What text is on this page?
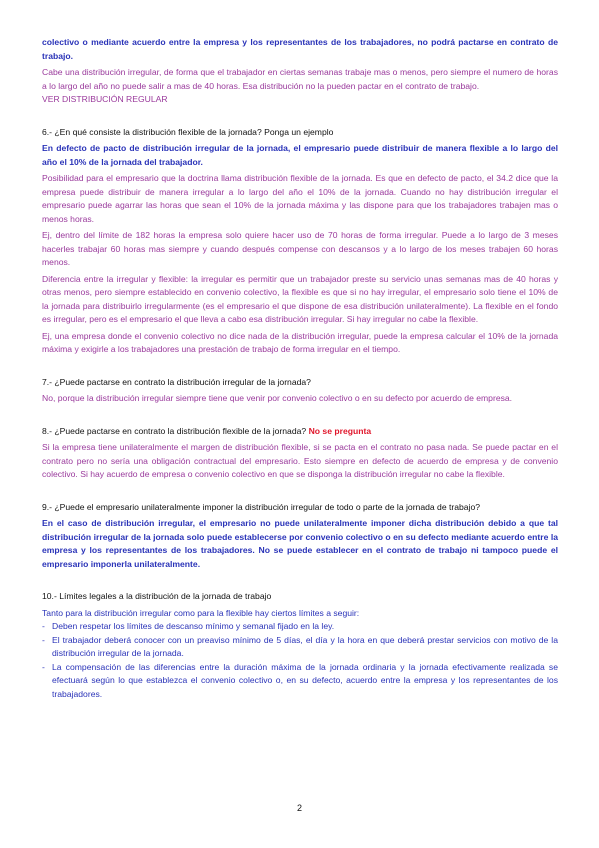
colectivo o mediante acuerdo entre la empresa y los representantes de los trabajadores, no podrá pactarse en contrato de trabajo.

Cabe una distribución irregular, de forma que el trabajador en ciertas semanas trabaje mas o menos, pero siempre el numero de horas a lo largo del año no puede salir a mas de 40 horas. Esa distribución no la pueden pactar en el contrato de trabajo.

VER DISTRIBUCIÓN REGULAR

6.- ¿En qué consiste la distribución flexible de la jornada? Ponga un ejemplo

En defecto de pacto de distribución irregular de la jornada, el empresario puede distribuir de manera flexible a lo largo del año el 10% de la jornada del trabajador.

Posibilidad para el empresario que la doctrina llama distribución flexible de la jornada. Es que en defecto de pacto, el 34.2 dice que la empresa puede distribuir de manera irregular a lo largo del año el 10% de la jornada. Cuando no hay distribución irregular el empresario puede agarrar las horas que sean el 10% de la jornada máxima y las dispone para que los trabajadores trabajen mas o menos horas.

Ej, dentro del límite de 182 horas la empresa solo quiere hacer uso de 70 horas de forma irregular. Puede a lo largo de 3 meses hacerles trabajar 60 horas mas siempre y cuando después compense con descansos y a lo largo de los meses trabajen 60 horas menos.

Diferencia entre la irregular y flexible: la irregular es permitir que un trabajador preste su servicio unas semanas mas de 40 horas y otras menos, pero siempre establecido en convenio colectivo, la flexible es que si no hay irregular, el empresario solo tiene el 10% de la jornada para distribuirlo irregularmente (es el empresario el que dispone de esa distribución unilateralmente). La flexible en el fondo es irregular, pero es el empresario el que lleva a cabo esa distribución irregular. Si hay irregular no cabe la flexible.

Ej, una empresa donde el convenio colectivo no dice nada de la distribución irregular, puede la empresa calcular el 10% de la jornada máxima y exigirle a los trabajadores una prestación de trabajo de forma irregular en el tiempo.

7.- ¿Puede pactarse en contrato la distribución irregular de la jornada?

No, porque la distribución irregular siempre tiene que venir por convenio colectivo o en su defecto por acuerdo de empresa.

8.- ¿Puede pactarse en contrato la distribución flexible de la jornada? No se pregunta

Si la empresa tiene unilateralmente el margen de distribución flexible, si se pacta en el contrato no pasa nada. Se puede pactar en el contrato pero no sería una obligación contractual del empresario. Esto siempre en defecto de acuerdo de empresa y de convenio colectivo. Si hay acuerdo de empresa o convenio colectivo en que se disponga la distribución irregular no cabe la flexible.

9.- ¿Puede el empresario unilateralmente imponer la distribución irregular de todo o parte de la jornada de trabajo?

En el caso de distribución irregular, el empresario no puede unilateralmente imponer dicha distribución debido a que tal distribución irregular de la jornada solo puede establecerse por convenio colectivo o en su defecto mediante acuerdo entre la empresa y los representantes de los trabajadores. No se puede establecer en el contrato de trabajo ni tampoco puede el empresario imponerla unilateralmente.

10.- Límites legales a la distribución de la jornada de trabajo

Tanto para la distribución irregular como para la flexible hay ciertos límites a seguir:

- Deben respetar los límites de descanso mínimo y semanal fijado en la ley.
- El trabajador deberá conocer con un preaviso mínimo de 5 días, el día y la hora en que deberá prestar servicios con motivo de la distribución irregular de la jornada.
- La compensación de las diferencias entre la duración máxima de la jornada ordinaria y la jornada efectivamente realizada se efectuará según lo que establezca el convenio colectivo o, en su defecto, acuerdo entre la empresa y los representantes de los trabajadores.
2
